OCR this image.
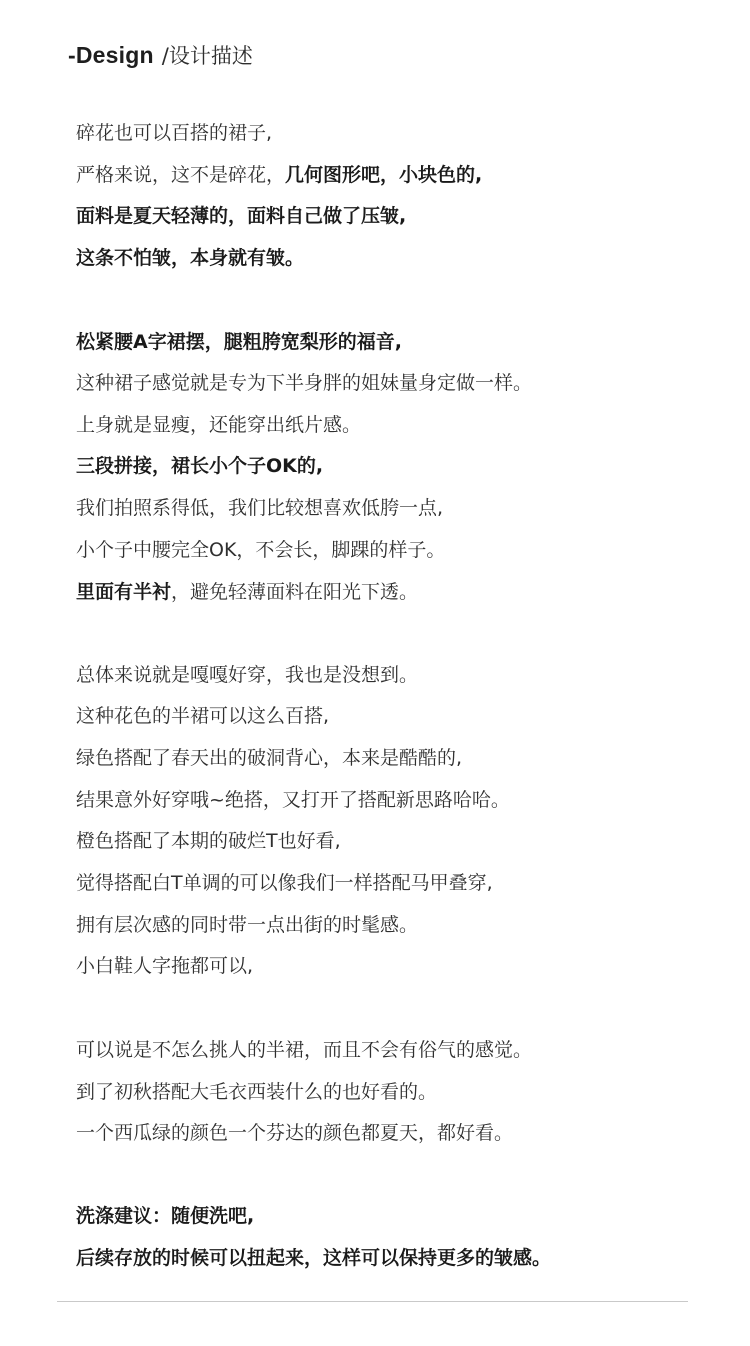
-Design /设计描述
碎花也可以百搭的裙子,
严格来说，这不是碎花，几何图形吧，小块色的,
面料是夏天轻薄的，面料自己做了压皱,
这条不怕皱，本身就有皱。
松紧腰A字裙摆，腿粗胯宽梨形的福音,
这种裙子感觉就是专为下半身胖的姐妹量身定做一样。
上身就是显瘦，还能穿出纸片感。
三段拼接，裙长小个子OK的,
我们拍照系得低，我们比较想喜欢低胯一点,
小个子中腰完全OK，不会长，脚踝的样子。
里面有半衬，避免轻薄面料在阳光下透。
总体来说就是嘎嘎好穿，我也是没想到。
这种花色的半裙可以这么百搭,
绿色搭配了春天出的破洞背心，本来是酷酷的,
结果意外好穿哦~绝搭，又打开了搭配新思路哈哈。
橙色搭配了本期的破烂T也好看,
觉得搭配白T单调的可以像我们一样搭配马甲叠穿,
拥有层次感的同时带一点出街的时髦感。
小白鞋人字拖都可以,
可以说是不怎么挑人的半裙，而且不会有俗气的感觉。
到了初秋搭配大毛衣西装什么的也好看的。
一个西瓜绿的颜色一个芬达的颜色都夏天，都好看。
洗涤建议：随便洗吧,
后续存放的时候可以扭起来，这样可以保持更多的皱感。
